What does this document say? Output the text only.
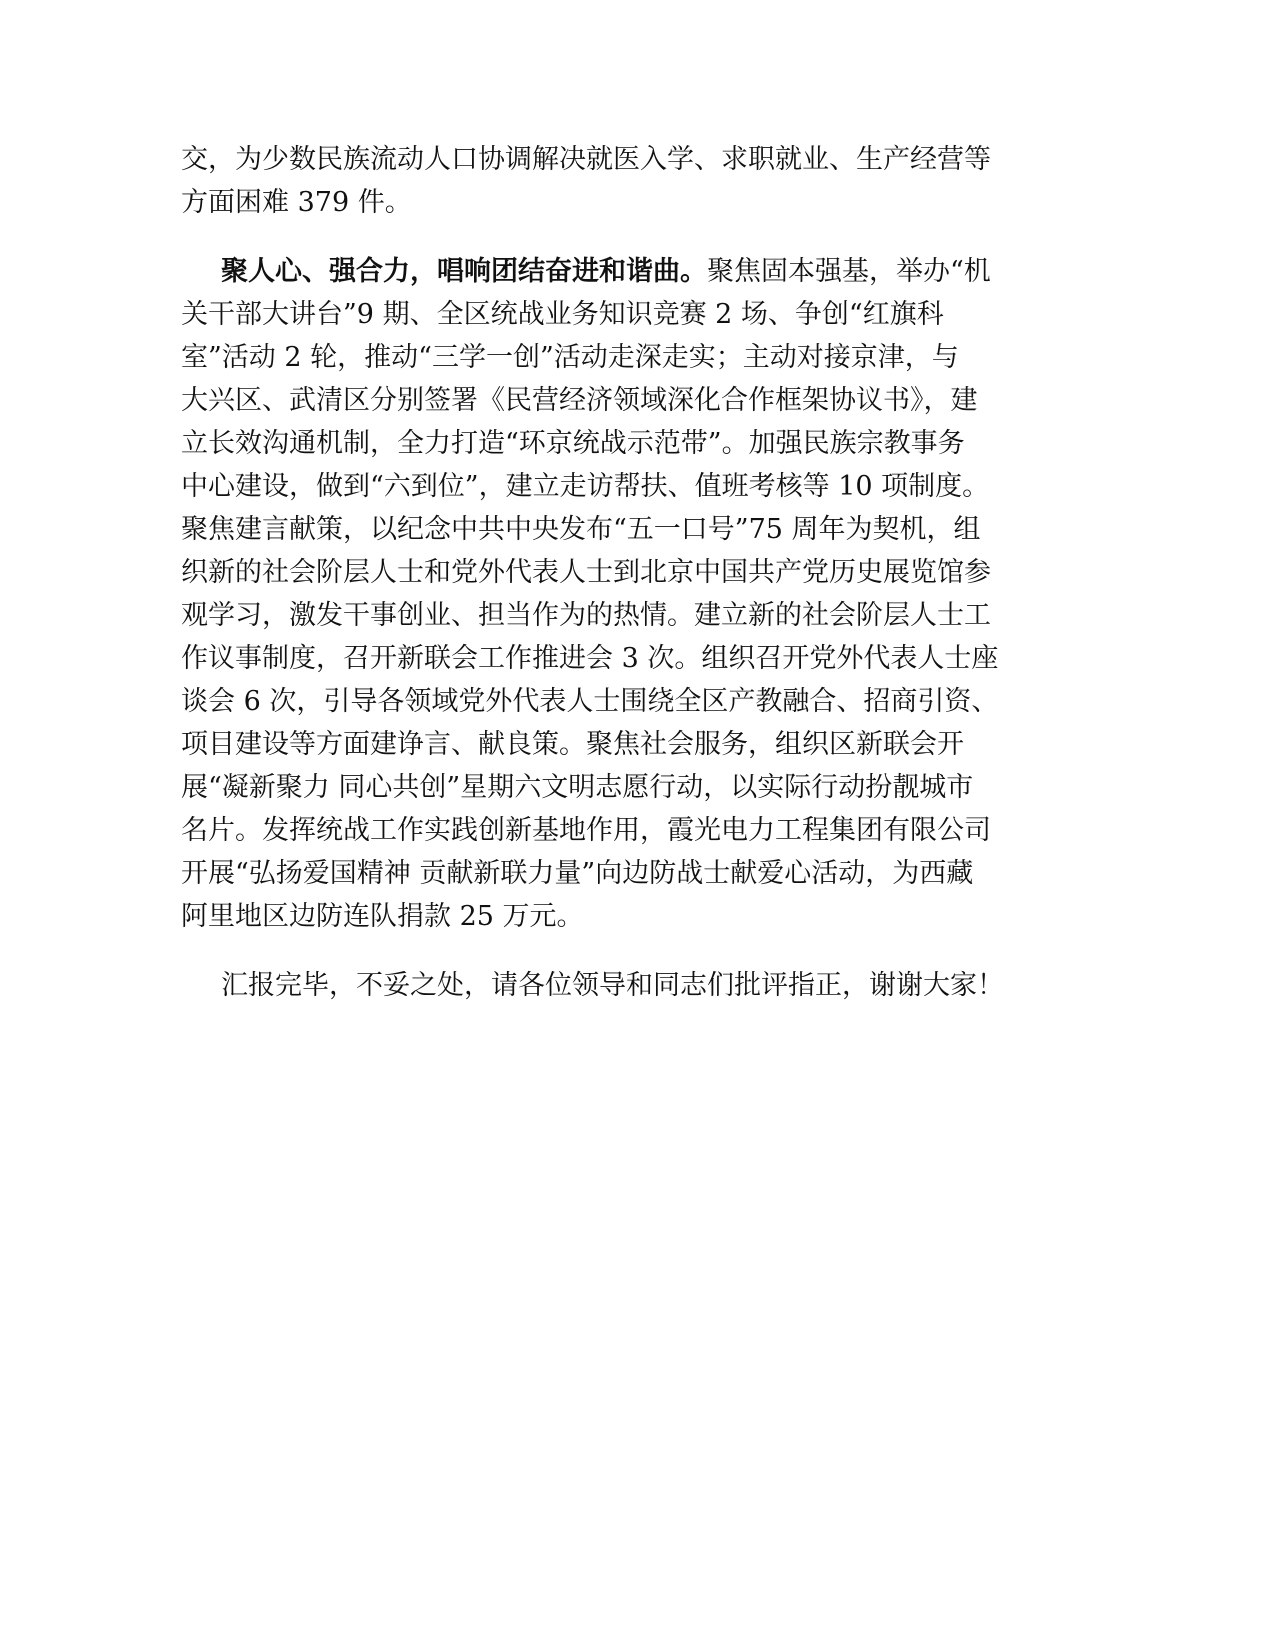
交，为少数民族流动人口协调解决就医入学、求职就业、生产经营等
方面困难 379 件。
聚人心、强合力，唱响团结奋进和谐曲。聚焦固本强基，举办“机
关干部大讲台”9 期、全区统战业务知识竞赛 2 场、争创“红旗科
室”活动 2 轮，推动“三学一创”活动走深走实；主动对接京津，与
大兴区、武清区分别签署《民营经济领域深化合作框架协议书》，建
立长效沟通机制，全力打造“环京统战示范带”。加强民族宗教事务
中心建设，做到“六到位”，建立走访帮扶、值班考核等 10 项制度。
聚焦建言献策，以纪念中共中央发布“五一口号”75 周年为契机，组
织新的社会阶层人士和党外代表人士到北京中国共产党历史展览馆参
观学习，激发干事创业、担当作为的热情。建立新的社会阶层人士工
作议事制度，召开新联会工作推进会 3 次。组织召开党外代表人士座
谈会 6 次，引导各领域党外代表人士围绕全区产教融合、招商引资、
项目建设等方面建诤言、献良策。聚焦社会服务，组织区新联会开
展“凝新聚力 同心共创”星期六文明志愿行动，以实际行动扮靓城市
名片。发挥统战工作实践创新基地作用，霞光电力工程集团有限公司
开展“弘扬爱国精神 贡献新联力量”向边防战士献爱心活动，为西藏
阿里地区边防连队捐款 25 万元。
汇报完毕，不妥之处，请各位领导和同志们批评指正，谢谢大家！
